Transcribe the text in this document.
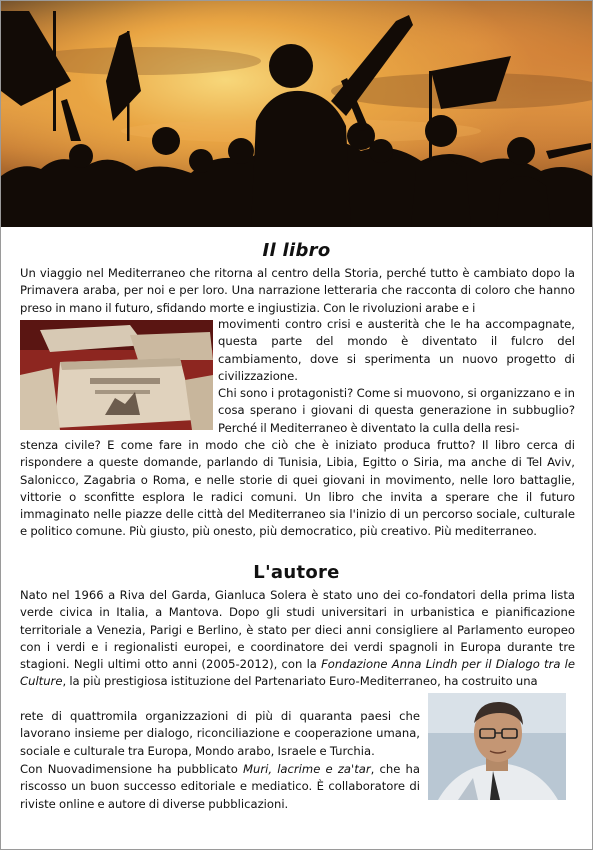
Il libro

Un viaggio nel Mediterraneo che ritorna al centro della Storia, perché tutto è cambiato dopo la Primavera araba, per noi e per loro. Una narrazione letteraria che racconta di coloro che hanno preso in mano il futuro, sfidando morte e ingiustizia. Con le rivoluzioni arabe e i

movimenti contro crisi e austerità che le ha accompagnate, questa parte del mondo è diventato il fulcro del cambiamento, dove si sperimenta un nuovo progetto di civilizzazione.

Chi sono i protagonisti? Come si muovono, si organizzano e in cosa sperano i giovani di questa generazione in subbuglio? Perché il Mediterraneo è diventato la culla della resi-

stenza civile? E come fare in modo che ciò che è iniziato produca frutto? Il libro cerca di rispondere a queste domande, parlando di Tunisia, Libia, Egitto o Siria, ma anche di Tel Aviv, Salonicco, Zagabria o Roma, e nelle storie di quei giovani in movimento, nelle loro battaglie, vittorie o sconfitte esplora le radici comuni. Un libro che invita a sperare che il futuro immaginato nelle piazze delle città del Mediterraneo sia l'inizio di un percorso sociale, culturale e politico comune. Più giusto, più onesto, più democratico, più creativo. Più mediterraneo.

L'autore

Nato nel 1966 a Riva del Garda, Gianluca Solera è stato uno dei co-fondatori della prima lista verde civica in Italia, a Mantova. Dopo gli studi universitari in urbanistica e pianificazione territoriale a Venezia, Parigi e Berlino, è stato per dieci anni consigliere al Parlamento europeo con i verdi e i regionalisti europei, e coordinatore dei verdi spagnoli in Europa durante tre stagioni. Negli ultimi otto anni (2005-2012), con la Fondazione Anna Lindh per il Dialogo tra le Culture, la più prestigiosa istituzione del Partenariato Euro-Mediterraneo, ha costruito una

rete di quattromila organizzazioni di più di quaranta paesi che lavorano insieme per dialogo, riconciliazione e cooperazione umana, sociale e culturale tra Europa, Mondo arabo, Israele e Turchia.

Con Nuovadimensione ha pubblicato Muri, lacrime e za'tar, che ha riscosso un buon successo editoriale e mediatico. È collaboratore di riviste online e autore di diverse pubblicazioni.
